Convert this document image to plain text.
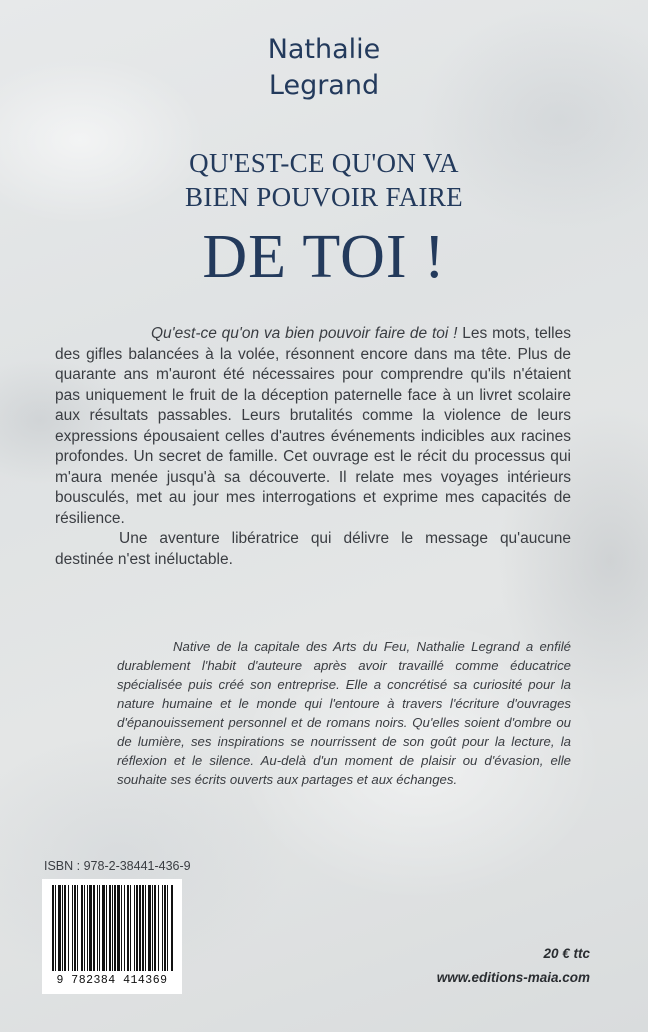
Nathalie
Legrand
QU'EST-CE QU'ON VA
BIEN POUVOIR FAIRE
DE TOI !

Qu'est-ce qu'on va bien pouvoir faire de toi ! Les mots, telles des gifles balancées à la volée, résonnent encore dans ma tête. Plus de quarante ans m'auront été nécessaires pour comprendre qu'ils n'étaient pas uniquement le fruit de la déception paternelle face à un livret scolaire aux résultats passables. Leurs brutalités comme la violence de leurs expressions épousaient celles d'autres événements indicibles aux racines profondes. Un secret de famille. Cet ouvrage est le récit du processus qui m'aura menée jusqu'à sa découverte. Il relate mes voyages intérieurs bousculés, met au jour mes interrogations et exprime mes capacités de résilience.

Une aventure libératrice qui délivre le message qu'aucune destinée n'est inéluctable.

Native de la capitale des Arts du Feu, Nathalie Legrand a enfilé durablement l'habit d'auteure après avoir travaillé comme éducatrice spécialisée puis créé son entreprise. Elle a concrétisé sa curiosité pour la nature humaine et le monde qui l'entoure à travers l'écriture d'ouvrages d'épanouissement personnel et de romans noirs. Qu'elles soient d'ombre ou de lumière, ses inspirations se nourrissent de son goût pour la lecture, la réflexion et le silence. Au-delà d'un moment de plaisir ou d'évasion, elle souhaite ses écrits ouverts aux partages et aux échanges.

ISBN : 978-2-38441-436-9
9 782384 414369
20 € ttc
www.editions-maia.com
